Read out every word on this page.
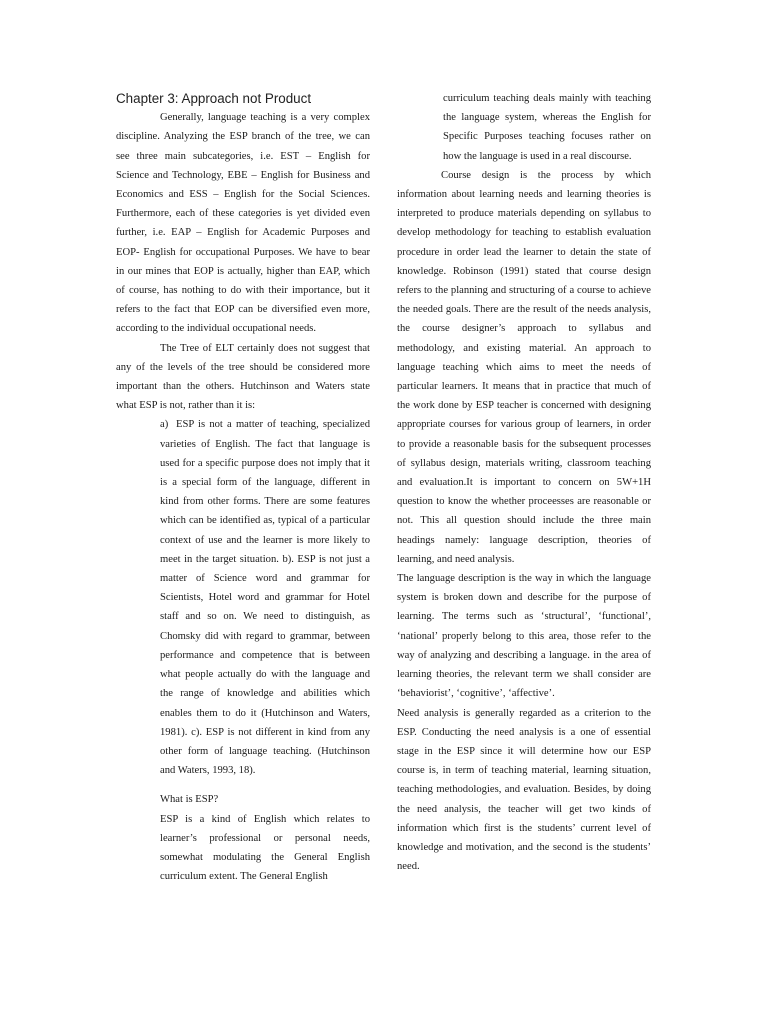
Chapter 3: Approach not Product

Generally, language teaching is a very complex discipline. Analyzing the ESP branch of the tree, we can see three main subcategories, i.e. EST – English for Science and Technology, EBE – English for Business and Economics and ESS – English for the Social Sciences. Furthermore, each of these categories is yet divided even further, i.e. EAP – English for Academic Purposes and EOP- English for occupational Purposes. We have to bear in our mines that EOP is actually, higher than EAP, which of course, has nothing to do with their importance, but it refers to the fact that EOP can be diversified even more, according to the individual occupational needs.

The Tree of ELT certainly does not suggest that any of the levels of the tree should be considered more important than the others. Hutchinson and Waters state what ESP is not, rather than it is:

a) ESP is not a matter of teaching, specialized varieties of English. The fact that language is used for a specific purpose does not imply that it is a special form of the language, different in kind from other forms. There are some features which can be identified as, typical of a particular context of use and the learner is more likely to meet in the target situation. b). ESP is not just a matter of Science word and grammar for Scientists, Hotel word and grammar for Hotel staff and so on. We need to distinguish, as Chomsky did with regard to grammar, between performance and competence that is between what people actually do with the language and the range of knowledge and abilities which enables them to do it (Hutchinson and Waters, 1981). c). ESP is not different in kind from any other form of language teaching. (Hutchinson and Waters, 1993, 18).

What is ESP?

ESP is a kind of English which relates to learner’s professional or personal needs, somewhat modulating the General English curriculum extent. The General English

curriculum teaching deals mainly with teaching the language system, whereas the English for Specific Purposes teaching focuses rather on how the language is used in a real discourse.

Course design is the process by which information about learning needs and learning theories is interpreted to produce materials depending on syllabus to develop methodology for teaching to establish evaluation procedure in order lead the learner to detain the state of knowledge. Robinson (1991) stated that course design refers to the planning and structuring of a course to achieve the needed goals. There are the result of the needs analysis, the course designer’s approach to syllabus and methodology, and existing material. An approach to language teaching which aims to meet the needs of particular learners. It means that in practice that much of the work done by ESP teacher is concerned with designing appropriate courses for various group of learners, in order to provide a reasonable basis for the subsequent processes of syllabus design, materials writing, classroom teaching and evaluation.It is important to concern on 5W+1H question to know the whether proceesses are reasonable or not. This all question should include the three main headings namely: language description, theories of learning, and need analysis.

The language description is the way in which the language system is broken down and describe for the purpose of learning. The terms such as ‘structural’, ‘functional’, ‘national’ properly belong to this area, those refer to the way of analyzing and describing a language. in the area of learning theories, the relevant term we shall consider are ‘behaviorist’, ‘cognitive’, ‘affective’.

Need analysis is generally regarded as a criterion to the ESP. Conducting the need analysis is a one of essential stage in the ESP since it will determine how our ESP course is, in term of teaching material, learning situation, teaching methodologies, and evaluation. Besides, by doing the need analysis, the teacher will get two kinds of information which first is the students’ current level of knowledge and motivation, and the second is the students’ need.
